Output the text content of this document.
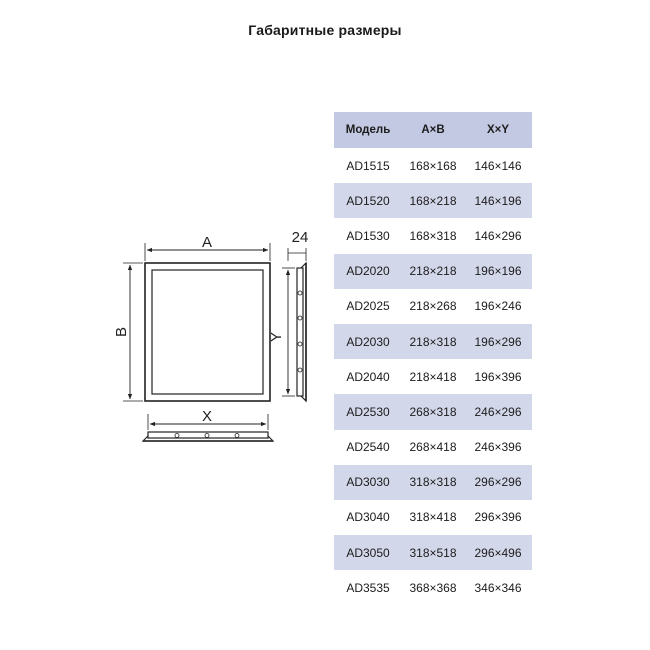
Габаритные размеры
A
B
X
Y
24
Модель	A×B	X×Y
AD1515	168×168	146×146
AD1520	168×218	146×196
AD1530	168×318	146×296
AD2020	218×218	196×196
AD2025	218×268	196×246
AD2030	218×318	196×296
AD2040	218×418	196×396
AD2530	268×318	246×296
AD2540	268×418	246×396
AD3030	318×318	296×296
AD3040	318×418	296×396
AD3050	318×518	296×496
AD3535	368×368	346×346
